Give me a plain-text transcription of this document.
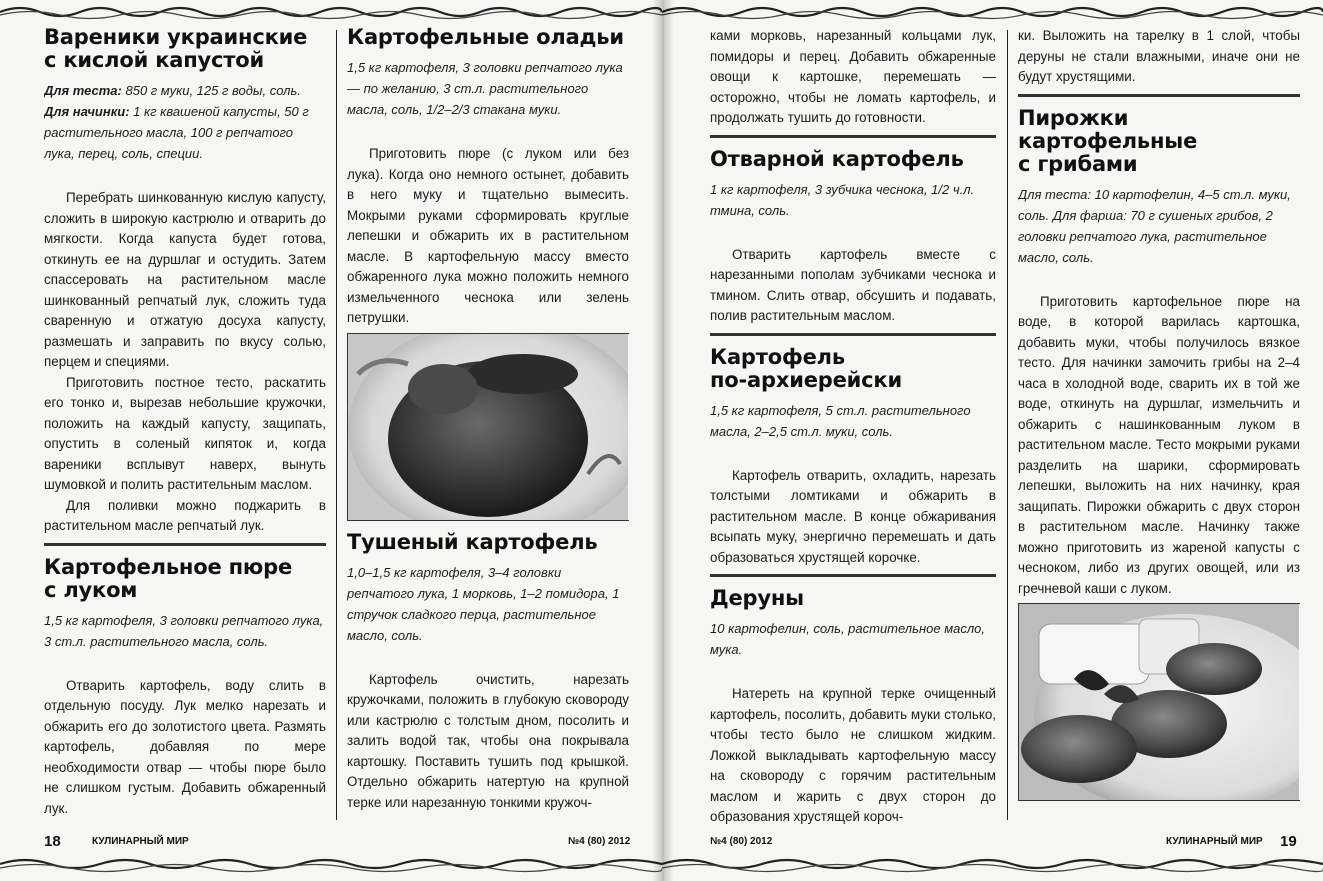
Вареники украинские
с кислой капустой

Для теста: 850 г муки, 125 г воды, соль.
Для начинки: 1 кг квашеной капусты, 50 г растительного масла, 100 г репчатого лука, перец, соль, специи.

Перебрать шинкованную кислую капусту, сложить в широкую кастрюлю и отварить до мягкости. Когда капуста будет готова, откинуть ее на дуршлаг и остудить. Затем спассеровать на растительном масле шинкованный репчатый лук, сложить туда сваренную и отжатую досуха капусту, размешать и заправить по вкусу солью, перцем и специями.

Приготовить постное тесто, раскатить его тонко и, вырезав небольшие кружочки, положить на каждый капусту, защипать, опустить в соленый кипяток и, когда вареники всплывут наверх, вынуть шумовкой и полить растительным маслом.

Для поливки можно поджарить в растительном масле репчатый лук.

Картофельное пюре
с луком

1,5 кг картофеля, 3 головки репчатого лука, 3 ст.л. растительного масла, соль.

Отварить картофель, воду слить в отдельную посуду. Лук мелко нарезать и обжарить его до золотистого цвета. Размять картофель, добавляя по мере необходимости отвар — чтобы пюре было не слишком густым. Добавить обжаренный лук.

Картофельные оладьи

1,5 кг картофеля, 3 головки репчатого лука — по желанию, 3 ст.л. растительного масла, соль, 1/2–2/3 стакана муки.

Приготовить пюре (с луком или без лука). Когда оно немного остынет, добавить в него муку и тщательно вымесить. Мокрыми руками сформировать круглые лепешки и обжарить их в растительном масле. В картофельную массу вместо обжаренного лука можно положить немного измельченного чеснока или зелень петрушки.

Тушеный картофель

1,0–1,5 кг картофеля, 3–4 головки репчатого лука, 1 морковь, 1–2 помидора, 1 стручок сладкого перца, растительное масло, соль.

Картофель очистить, нарезать кружочками, положить в глубокую сковороду или кастрюлю с толстым дном, посолить и залить водой так, чтобы она покрывала картошку. Поставить тушить под крышкой. Отдельно обжарить натертую на крупной терке или нарезанную тонкими кружоч-

18	КУЛИНАРНЫЙ МИР	№4 (80) 2012

ками морковь, нарезанный кольцами лук, помидоры и перец. Добавить обжаренные овощи к картошке, перемешать — осторожно, чтобы не ломать картофель, и продолжать тушить до готовности.

Отварной картофель

1 кг картофеля, 3 зубчика чеснока, 1/2 ч.л. тмина, соль.

Отварить картофель вместе с нарезанными пополам зубчиками чеснока и тмином. Слить отвар, обсушить и подавать, полив растительным маслом.

Картофель
по-архиерейски

1,5 кг картофеля, 5 ст.л. растительного масла, 2–2,5 ст.л. муки, соль.

Картофель отварить, охладить, нарезать толстыми ломтиками и обжарить в растительном масле. В конце обжаривания всыпать муку, энергично перемешать и дать образоваться хрустящей корочке.

Деруны

10 картофелин, соль, растительное масло, мука.

Натереть на крупной терке очищенный картофель, посолить, добавить муки столько, чтобы тесто было не слишком жидким. Ложкой выкладывать картофельную массу на сковороду с горячим растительным маслом и жарить с двух сторон до образования хрустящей короч-

ки. Выложить на тарелку в 1 слой, чтобы деруны не стали влажными, иначе они не будут хрустящими.

Пирожки
картофельные
с грибами

Для теста: 10 картофелин, 4–5 ст.л. муки, соль. Для фарша: 70 г сушеных грибов, 2 головки репчатого лука, растительное масло, соль.

Приготовить картофельное пюре на воде, в которой варилась картошка, добавить муки, чтобы получилось вязкое тесто. Для начинки замочить грибы на 2–4 часа в холодной воде, сварить их в той же воде, откинуть на дуршлаг, измельчить и обжарить с нашинкованным луком в растительном масле. Тесто мокрыми руками разделить на шарики, сформировать лепешки, выложить на них начинку, края защипать. Пирожки обжарить с двух сторон в растительном масле. Начинку также можно приготовить из жареной капусты с чесноком, либо из других овощей, или из гречневой каши с луком.

№4 (80) 2012	КУЛИНАРНЫЙ МИР 19
